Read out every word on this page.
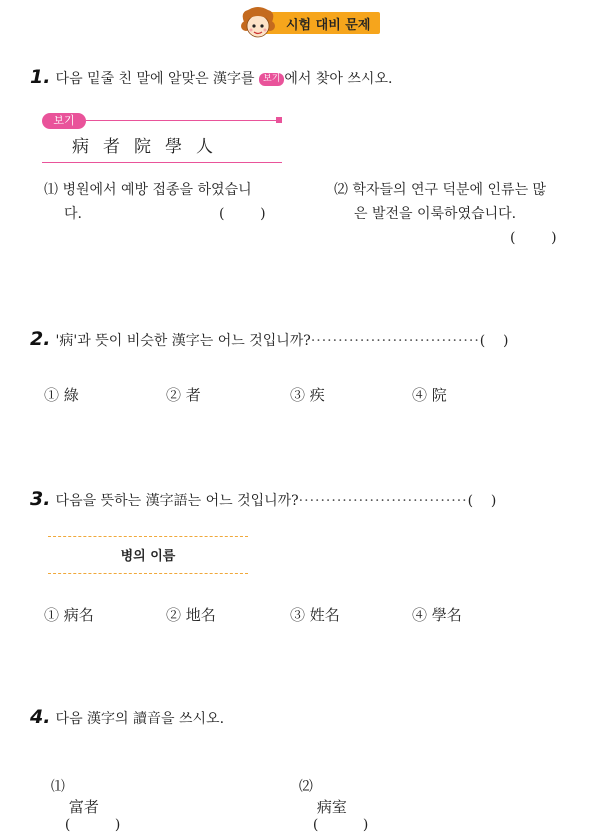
시험 대비 문제
1. 다음 밑줄 친 말에 알맞은 漢字를 보기 에서 찾아 쓰시오.
보기
病者院學人
⑴ 병원에서 예방 접종을 하였습니
다.	(        )
⑵ 학자들의 연구 덕분에 인류는 많
은 발전을 이룩하였습니다.
(        )
2. '病'과 뜻이 비슷한 漢字는 어느 것입니까?·······························(    )
① 綠	② 者	③ 疾	④ 院
3. 다음을 뜻하는 漢字語는 어느 것입니까?·······························(    )
병의 이름
① 病名	② 地名	③ 姓名	④ 學名
4. 다음 漢字의 讀音을 쓰시오.

⑴
富者
(          )

⑵
病室
(          )
